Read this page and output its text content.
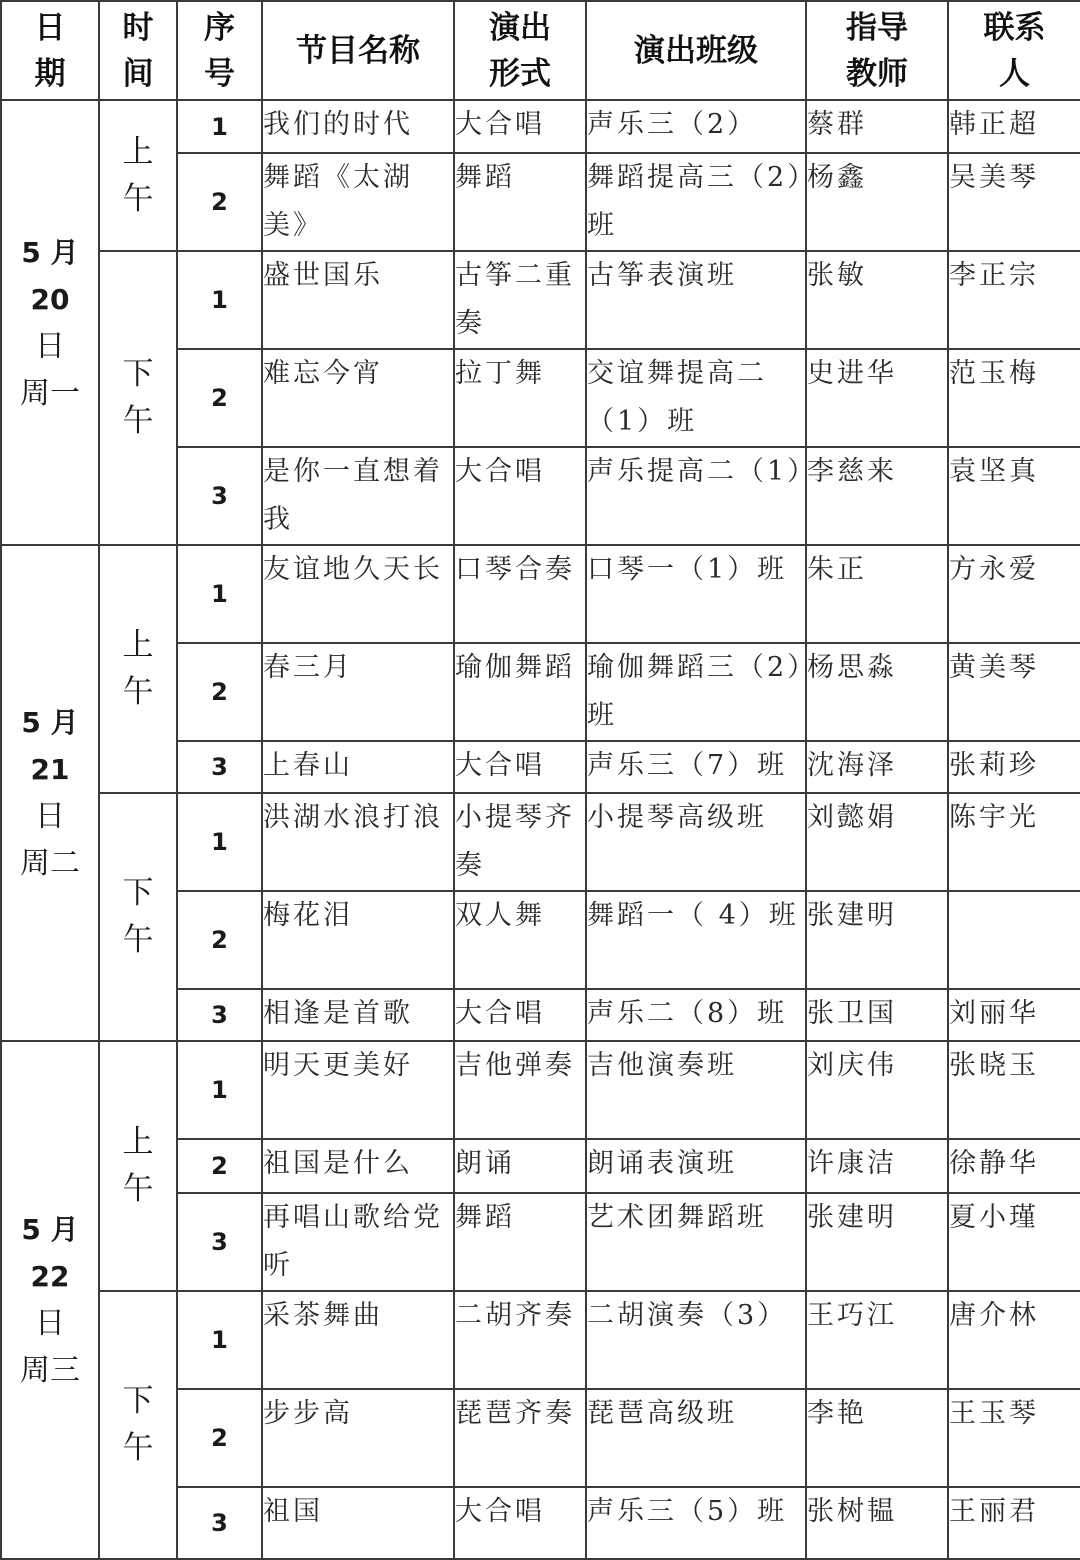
日期	时间	序号	节目名称	演出形式	演出班级	指导教师	联系人

5 月
20
日
周一	上午	1	我们的时代	大合唱	声乐三（2）	蔡群	韩正超
		2	舞蹈《太湖美》	舞蹈	舞蹈提高三（2）班	杨鑫	吴美琴
	下午	1	盛世国乐	古筝二重奏	古筝表演班	张敏	李正宗
		2	难忘今宵	拉丁舞	交谊舞提高二（1）班	史进华	范玉梅
		3	是你一直想着我	大合唱	声乐提高二（1）	李慈来	袁坚真

5 月
21
日
周二	上午	1	友谊地久天长	口琴合奏	口琴一（1）班	朱正	方永爱
		2	春三月	瑜伽舞蹈	瑜伽舞蹈三（2）班	杨思淼	黄美琴
		3	上春山	大合唱	声乐三（7）班	沈海泽	张莉珍
	下午	1	洪湖水浪打浪	小提琴齐奏	小提琴高级班	刘懿娟	陈宇光
		2	梅花泪	双人舞	舞蹈一（ 4）班	张建明	
		3	相逢是首歌	大合唱	声乐二（8）班	张卫国	刘丽华

5 月
22
日
周三	上午	1	明天更美好	吉他弹奏	吉他演奏班	刘庆伟	张晓玉
		2	祖国是什么	朗诵	朗诵表演班	许康洁	徐静华
		3	再唱山歌给党听	舞蹈	艺术团舞蹈班	张建明	夏小瑾
	下午	1	采茶舞曲	二胡齐奏	二胡演奏（3）	王巧江	唐介林
		2	步步高	琵琶齐奏	琵琶高级班	李艳	王玉琴
		3	祖国	大合唱	声乐三（5）班	张树韫	王丽君
